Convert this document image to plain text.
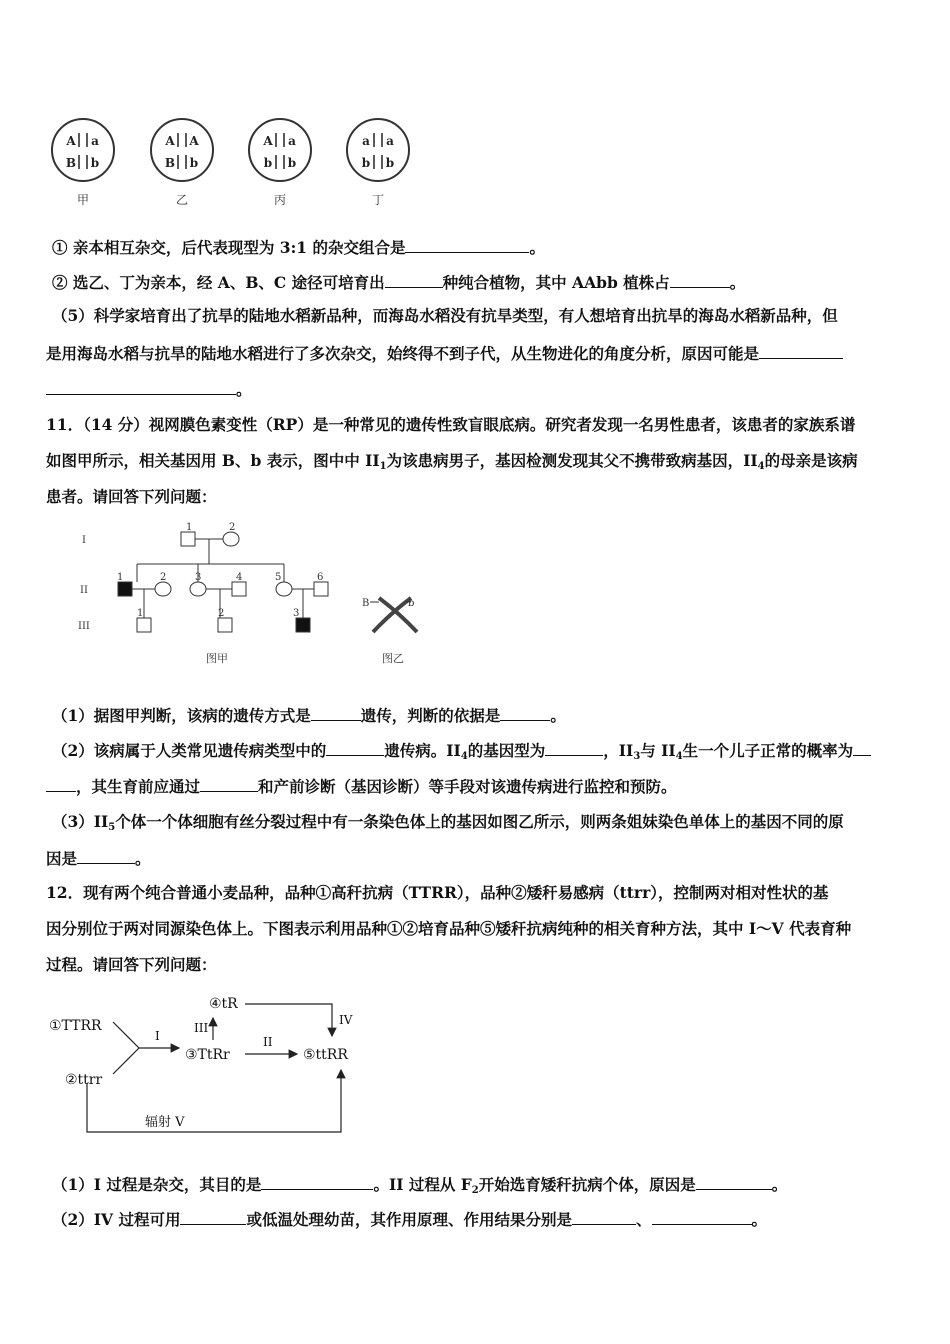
A a
B b
甲
A A
B b
乙
A a
b b
丙
a a
b b
丁
① 亲本相互杂交，后代表现型为 3:1 的杂交组合是	。
② 选乙、丁为亲本，经 A、B、C 途径可培育出	种纯合植物，其中 AAbb 植株占	。
（5）科学家培育出了抗旱的陆地水稻新品种，而海岛水稻没有抗旱类型，有人想培育出抗旱的海岛水稻新品种，但
是用海岛水稻与抗旱的陆地水稻进行了多次杂交，始终得不到子代，从生物进化的角度分析，原因可能是
。
11．（14 分）视网膜色素变性（RP）是一种常见的遗传性致盲眼底病。研究者发现一名男性患者，该患者的家族系谱
如图甲所示，相关基因用 B、b 表示，图中中 $II_1$为该患病男子，基因检测发现其父不携带致病基因，$II_4$的母亲是该病
患者。请回答下列问题：
I
II
III
1	2
1	2	3	4	5	6
1	2	3
B	b
图甲	图乙
（1）据图甲判断，该病的遗传方式是	遗传，判断的依据是	。
（2）该病属于人类常见遗传病类型中的	遗传病。$II_4$的基因型为	，$II_3$与 $II_4$生一个儿子正常的概率为
，其生育前应通过	和产前诊断（基因诊断）等手段对该遗传病进行监控和预防。
$(3)II_5$个体一个体细胞有丝分裂过程中有一条染色体上的基因如图乙所示，则两条姐妹染色单体上的基因不同的原
因是	。
12．现有两个纯合普通小麦品种，品种①高秆抗病（TTRR），品种②矮秆易感病（ttrr），控制两对相对性状的基
因分别位于两对同源染色体上。下图表示利用品种①②培育品种⑤矮秆抗病纯种的相关育种方法，其中 I～V 代表育种
过程。请回答下列问题：
①TTRR
②ttrr
③TtRr
④tR
⑤ttRR
I
III
II
IV
辐射 V
（1）I 过程是杂交，其目的是	。II 过程从 $F_2$开始选育矮秆抗病个体，原因是	。
（2）IV 过程可用	或低温处理幼苗，其作用原理、作用结果分别是	、	。
